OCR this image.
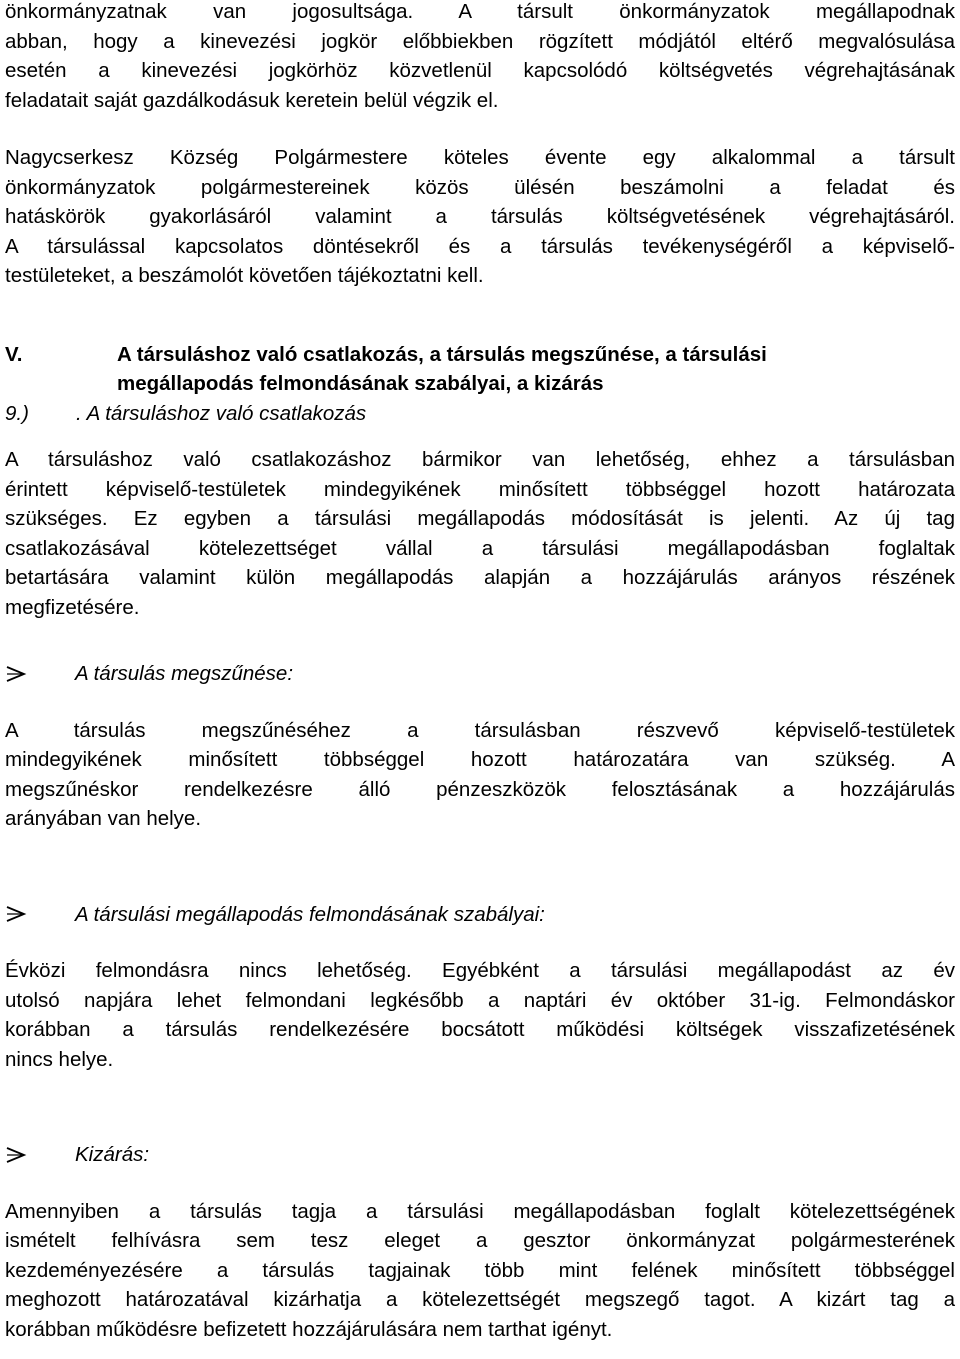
önkormányzatnak van jogosultsága. A társult önkormányzatok megállapodnak
abban, hogy a kinevezési jogkör előbbiekben rögzített módjától eltérő megvalósulása
esetén a kinevezési jogkörhöz közvetlenül kapcsolódó költségvetés végrehajtásának
feladatait saját gazdálkodásuk keretein belül végzik el.
Nagycserkesz Község Polgármestere köteles évente egy alkalommal a társult
önkormányzatok polgármestereinek közös ülésén beszámolni a feladat és
hatáskörök gyakorlásáról valamint a társulás költségvetésének végrehajtásáról.
A társulással kapcsolatos döntésekről és a társulás tevékenységéről a képviselő-
testületeket, a beszámolót követően tájékoztatni kell.
V.	A társuláshoz való csatlakozás, a társulás megszűnése, a társulási megállapodás felmondásának szabályai, a kizárás
9.) . A társuláshoz való csatlakozás
A társuláshoz való csatlakozáshoz bármikor van lehetőség, ehhez a társulásban
érintett képviselő-testületek mindegyikének minősített többséggel hozott határozata
szükséges. Ez egyben a társulási megállapodás módosítását is jelenti. Az új tag
csatlakozásával kötelezettséget vállal a társulási megállapodásban foglaltak
betartására valamint külön megállapodás alapján a hozzájárulás arányos részének
megfizetésére.
A társulás megszűnése:
A társulás megszűnéséhez a társulásban részvevő képviselő-testületek
mindegyikének minősített többséggel hozott határozatára van szükség. A
megszűnéskor rendelkezésre álló pénzeszközök felosztásának a hozzájárulás
arányában van helye.
A társulási megállapodás felmondásának szabályai:
Évközi felmondásra nincs lehetőség. Egyébként a társulási megállapodást az év
utolsó napjára lehet felmondani legkésőbb a naptári év október 31-ig. Felmondáskor
korábban a társulás rendelkezésére bocsátott működési költségek visszafizetésének
nincs helye.
Kizárás:
Amennyiben a társulás tagja a társulási megállapodásban foglalt kötelezettségének
ismételt felhívásra sem tesz eleget a gesztor önkormányzat polgármesterének
kezdeményezésére a társulás tagjainak több mint felének minősített többséggel
meghozott határozatával kizárhatja a kötelezettségét megszegő tagot. A kizárt tag a
korábban működésre befizetett hozzájárulására nem tarthat igényt.
